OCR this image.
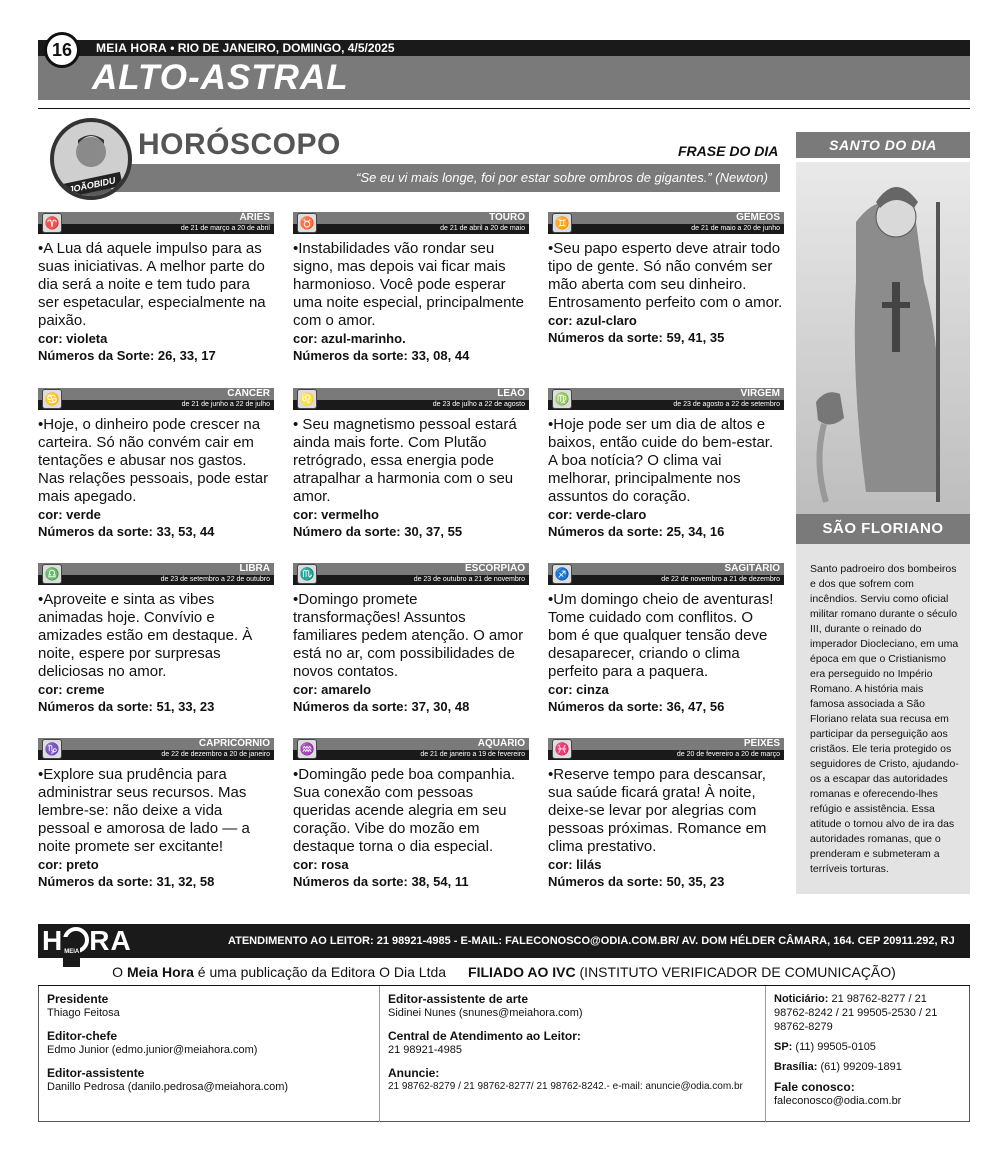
MEIA HORA • RIO DE JANEIRO, DOMINGO, 4/5/2025
16
ALTO-ASTRAL
JOÃOBIDU
HORÓSCOPO	FRASE DO DIA
“Se eu vi mais longe, foi por estar sobre ombros de gigantes.” (Newton)
♈	ÁRIES
de 21 de março a 20 de abril
• A Lua dá aquele impulso para as suas iniciativas. A melhor parte do dia será a noite e tem tudo para ser espetacular, especialmente na paixão.
cor: violeta
Números da Sorte: 26, 33, 17
♉	TOURO
de 21 de abril a 20 de maio
• Instabilidades vão rondar seu signo, mas depois vai ficar mais harmonioso. Você pode esperar uma noite especial, principalmente com o amor.
cor: azul-marinho.
Números da sorte: 33, 08, 44
♊	GÊMEOS
de 21 de maio a 20 de junho
• Seu papo esperto deve atrair todo tipo de gente. Só não convém ser mão aberta com seu dinheiro. Entrosamento perfeito com o amor.
cor: azul-claro
Números da sorte: 59, 41, 35
♋	CÂNCER
de 21 de junho a 22 de julho
• Hoje, o dinheiro pode crescer na carteira. Só não convém cair em tentações e abusar nos gastos. Nas relações pessoais, pode estar mais apegado.
cor: verde
Números da sorte: 33, 53, 44
♌	LEÃO
de 23 de julho a 22 de agosto
• Seu magnetismo pessoal estará ainda mais forte. Com Plutão retrógrado, essa energia pode atrapalhar a harmonia com o seu amor.
cor: vermelho
Número da sorte: 30, 37, 55
♍	VIRGEM
de 23 de agosto a 22 de setembro
• Hoje pode ser um dia de altos e baixos, então cuide do bem-estar. A boa notícia? O clima vai melhorar, principalmente nos assuntos do coração.
cor: verde-claro
Números da sorte: 25, 34, 16
♎	LIBRA
de 23 de setembro a 22 de outubro
• Aproveite e sinta as vibes animadas hoje. Convívio e amizades estão em destaque. À noite, espere por surpresas deliciosas no amor.
cor: creme
Números da sorte: 51, 33, 23
♏	ESCORPIÃO
de 23 de outubro a 21 de novembro
• Domingo promete transformações! Assuntos familiares pedem atenção. O amor está no ar, com possibilidades de novos contatos.
cor: amarelo
Números da sorte: 37, 30, 48
♐	SAGITÁRIO
de 22 de novembro a 21 de dezembro
• Um domingo cheio de aventuras! Tome cuidado com conflitos. O bom é que qualquer tensão deve desaparecer, criando o clima perfeito para a paquera.
cor: cinza
Números da sorte: 36, 47, 56
♑	CAPRICÓRNIO
de 22 de dezembro a 20 de janeiro
• Explore sua prudência para administrar seus recursos. Mas lembre-se: não deixe a vida pessoal e amorosa de lado — a noite promete ser excitante!
cor: preto
Números da sorte: 31, 32, 58
♒	AQUÁRIO
de 21 de janeiro a 19 de fevereiro
• Domingão pede boa companhia. Sua conexão com pessoas queridas acende alegria em seu coração. Vibe do mozão em destaque torna o dia especial.
cor: rosa
Números da sorte: 38, 54, 11
♓	PEIXES
de 20 de fevereiro a 20 de março
• Reserve tempo para descansar, sua saúde ficará grata! À noite, deixe-se levar por alegrias com pessoas próximas. Romance em clima prestativo.
cor: lilás
Números da sorte: 50, 35, 23
SANTO DO DIA
SÃO FLORIANO
Santo padroeiro dos bombeiros e dos que sofrem com incêndios. Serviu como oficial militar romano durante o século III, durante o reinado do imperador Diocleciano, em uma época em que o Cristianismo era perseguido no Império Romano. A história mais famosa associada a São Floriano relata sua recusa em participar da perseguição aos cristãos. Ele teria protegido os seguidores de Cristo, ajudando-os a escapar das autoridades romanas e oferecendo-lhes refúgio e assistência. Essa atitude o tornou alvo de ira das autoridades romanas, que o prenderam e submeteram a terríveis torturas.
H MEIA RA	ATENDIMENTO AO LEITOR: 21 98921-4985 - E-MAIL: FALECONOSCO@ODIA.COM.BR/ AV. DOM HÉLDER CÂMARA, 164. CEP 20911.292, RJ
O Meia Hora é uma publicação da Editora O Dia Ltda FILIADO AO IVC (INSTITUTO VERIFICADOR DE COMUNICAÇÃO)
Presidente
Thiago Feitosa
Editor-chefe
Edmo Junior (edmo.junior@meiahora.com)
Editor-assistente
Danillo Pedrosa (danilo.pedrosa@meiahora.com)
Editor-assistente de arte
Sidinei Nunes (snunes@meiahora.com)
Central de Atendimento ao Leitor:
21 98921-4985
Anuncie:
21 98762-8279 / 21 98762-8277/ 21 98762-8242.- e-mail: anuncie@odia.com.br
Noticiário: 21 98762-8277 / 21 98762-8242 / 21 99505-2530 / 21 98762-8279
SP: (11) 99505-0105
Brasília: (61) 99209-1891
Fale conosco:
faleconosco@odia.com.br
